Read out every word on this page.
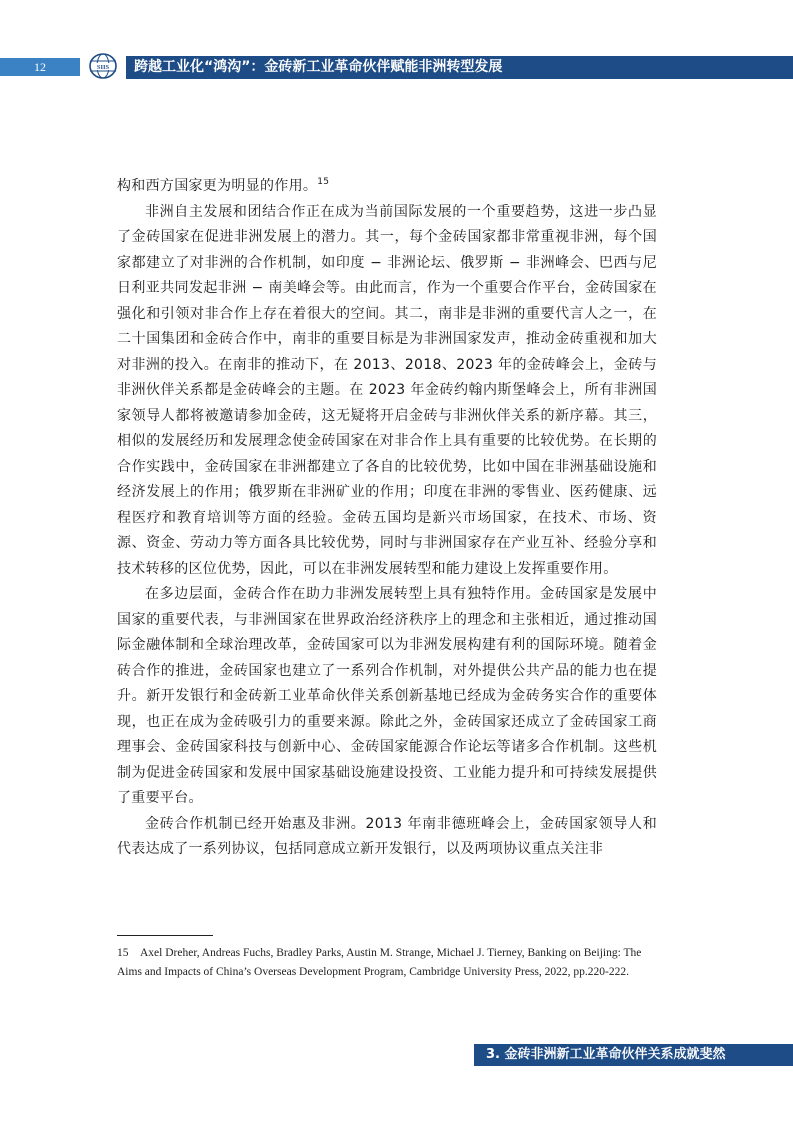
12	SIIS 跨越工业化“鸿沟”：金砖新工业革命伙伴赋能非洲转型发展

构和西方国家更为明显的作用。$^{15}$

非洲自主发展和团结合作正在成为当前国际发展的一个重要趋势，这进一步凸显了金砖国家在促进非洲发展上的潜力。其一，每个金砖国家都非常重视非洲，每个国家都建立了对非洲的合作机制，如印度 − 非洲论坛、俄罗斯 − 非洲峰会、巴西与尼日利亚共同发起非洲 − 南美峰会等。由此而言，作为一个重要合作平台，金砖国家在强化和引领对非合作上存在着很大的空间。其二，南非是非洲的重要代言人之一，在二十国集团和金砖合作中，南非的重要目标是为非洲国家发声，推动金砖重视和加大对非洲的投入。在南非的推动下，在 2013、2018、2023 年的金砖峰会上，金砖与非洲伙伴关系都是金砖峰会的主题。在 2023 年金砖约翰内斯堡峰会上，所有非洲国家领导人都将被邀请参加金砖，这无疑将开启金砖与非洲伙伴关系的新序幕。其三，相似的发展经历和发展理念使金砖国家在对非合作上具有重要的比较优势。在长期的合作实践中，金砖国家在非洲都建立了各自的比较优势，比如中国在非洲基础设施和经济发展上的作用；俄罗斯在非洲矿业的作用；印度在非洲的零售业、医药健康、远程医疗和教育培训等方面的经验。金砖五国均是新兴市场国家，在技术、市场、资源、资金、劳动力等方面各具比较优势，同时与非洲国家存在产业互补、经验分享和技术转移的区位优势，因此，可以在非洲发展转型和能力建设上发挥重要作用。

在多边层面，金砖合作在助力非洲发展转型上具有独特作用。金砖国家是发展中国家的重要代表，与非洲国家在世界政治经济秩序上的理念和主张相近，通过推动国际金融体制和全球治理改革，金砖国家可以为非洲发展构建有利的国际环境。随着金砖合作的推进，金砖国家也建立了一系列合作机制，对外提供公共产品的能力也在提升。新开发银行和金砖新工业革命伙伴关系创新基地已经成为金砖务实合作的重要体现，也正在成为金砖吸引力的重要来源。除此之外，金砖国家还成立了金砖国家工商理事会、金砖国家科技与创新中心、金砖国家能源合作论坛等诸多合作机制。这些机制为促进金砖国家和发展中国家基础设施建设投资、工业能力提升和可持续发展提供了重要平台。

金砖合作机制已经开始惠及非洲。2013 年南非德班峰会上，金砖国家领导人和代表达成了一系列协议，包括同意成立新开发银行，以及两项协议重点关注非

15　Axel Dreher, Andreas Fuchs, Bradley Parks, Austin M. Strange, Michael J. Tierney, Banking on Beijing: The Aims and Impacts of China’s Overseas Development Program, Cambridge University Press, 2022, pp.220-222.

3. 金砖非洲新工业革命伙伴关系成就斐然
